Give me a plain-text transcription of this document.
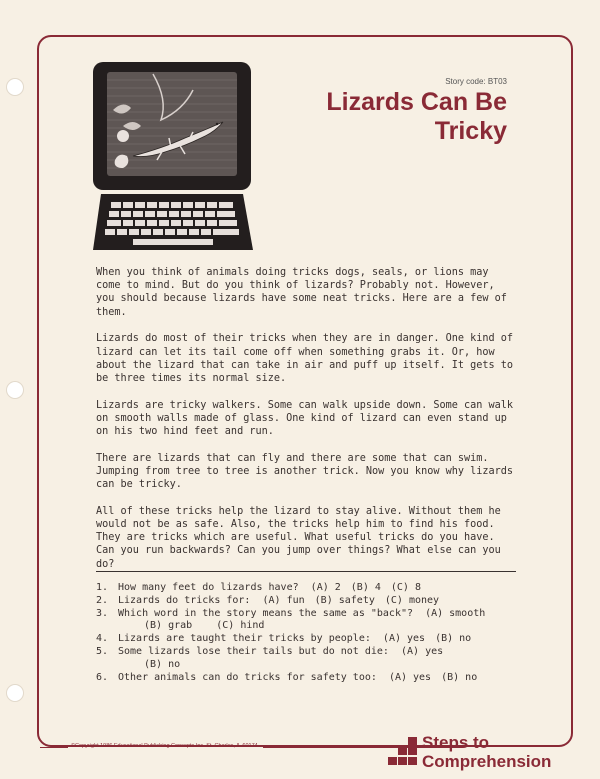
Story code: BT03
Lizards Can Be
Tricky

When you think of animals doing tricks dogs, seals, or lions may come to mind. But do you think of lizards? Probably not. However, you should because lizards have some neat tricks. Here are a few of them.

Lizards do most of their tricks when they are in danger. One kind of lizard can let its tail come off when something grabs it. Or, how about the lizard that can take in air and puff up itself. It gets to be three times its normal size.

Lizards are tricky walkers. Some can walk upside down. Some can walk on smooth walls made of glass. One kind of lizard can even stand up on his two hind feet and run.

There are lizards that can fly and there are some that can swim. Jumping from tree to tree is another trick. Now you know why lizards can be tricky.

All of these tricks help the lizard to stay alive. Without them he would not be as safe. Also, the tricks help him to find his food. They are tricks which are useful. What useful tricks do you have. Can you run backwards? Can you jump over things? What else can you do?

1. How many feet do lizards have? (A) 2 (B) 4 (C) 8
2. Lizards do tricks for: (A) fun (B) safety (C) money
3. Which word in the story means the same as "back"? (A) smooth
(B) grab    (C) hind
4. Lizards are taught their tricks by people: (A) yes (B) no
5. Some lizards lose their tails but do not die: (A) yes
(B) no
6. Other animals can do tricks for safety too: (A) yes (B) no
©Copyright 1986 Educational Publishing Concepts Inc. St. Charles, IL 60174	Steps to
Comprehension
